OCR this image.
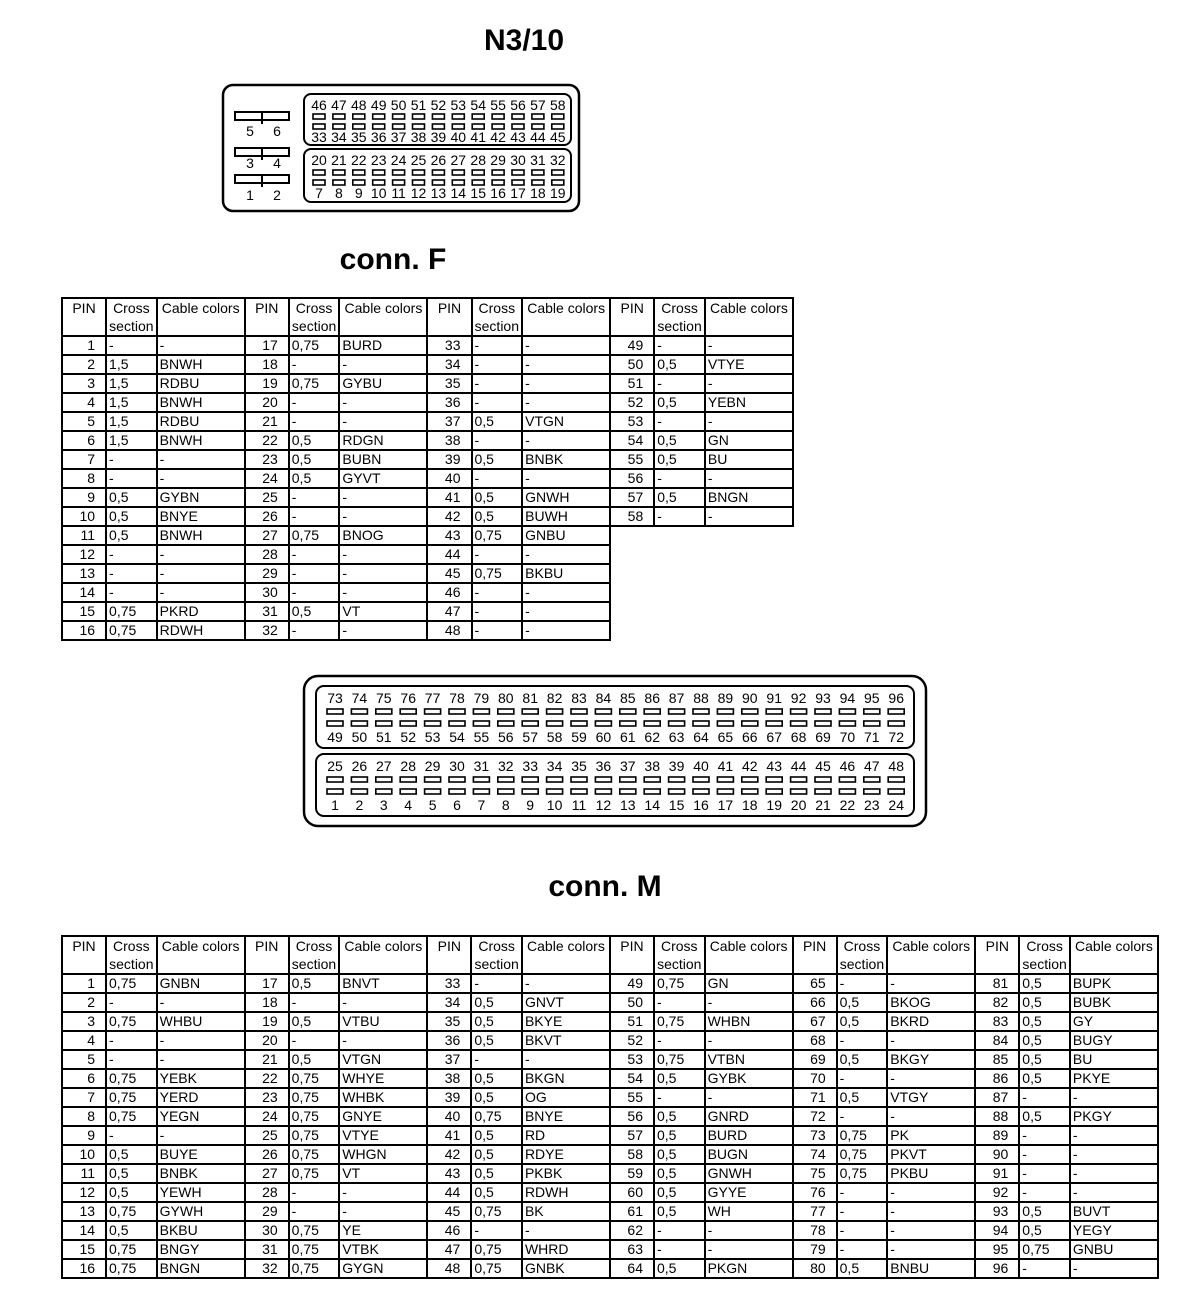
N3/10
46 47 48 49 50 51 52 53 54 55 56 57 58
33 34 35 36 37 38 39 40 41 42 43 44 45
20 21 22 23 24 25 26 27 28 29 30 31 32
7 8 9 10 11 12 13 14 15 16 17 18 19
5 6
3 4
1 2
conn. F
PIN	Cross section	Cable colors	PIN	Cross section	Cable colors	PIN	Cross section	Cable colors	PIN	Cross section	Cable colors
1	-	-	17	0,75	BURD	33	-	-	49	-	-
2	1,5	BNWH	18	-	-	34	-	-	50	0,5	VTYE
3	1,5	RDBU	19	0,75	GYBU	35	-	-	51	-	-
4	1,5	BNWH	20	-	-	36	-	-	52	0,5	YEBN
5	1,5	RDBU	21	-	-	37	0,5	VTGN	53	-	-
6	1,5	BNWH	22	0,5	RDGN	38	-	-	54	0,5	GN
7	-	-	23	0,5	BUBN	39	0,5	BNBK	55	0,5	BU
8	-	-	24	0,5	GYVT	40	-	-	56	-	-
9	0,5	GYBN	25	-	-	41	0,5	GNWH	57	0,5	BNGN
10	0,5	BNYE	26	-	-	42	0,5	BUWH	58	-	-
11	0,5	BNWH	27	0,75	BNOG	43	0,75	GNBU			
12	-	-	28	-	-	44	-	-			
13	-	-	29	-	-	45	0,75	BKBU			
14	-	-	30	-	-	46	-	-			
15	0,75	PKRD	31	0,5	VT	47	-	-			
16	0,75	RDWH	32	-	-	48	-	-			
73 74 75 76 77 78 79 80 81 82 83 84 85 86 87 88 89 90 91 92 93 94 95 96
49 50 51 52 53 54 55 56 57 58 59 60 61 62 63 64 65 66 67 68 69 70 71 72
25 26 27 28 29 30 31 32 33 34 35 36 37 38 39 40 41 42 43 44 45 46 47 48
1 2 3 4 5 6 7 8 9 10 11 12 13 14 15 16 17 18 19 20 21 22 23 24
conn. M
PIN	Cross section	Cable colors	PIN	Cross section	Cable colors	PIN	Cross section	Cable colors	PIN	Cross section	Cable colors	PIN	Cross section	Cable colors	PIN	Cross section	Cable colors
1	0,75	GNBN	17	0,5	BNVT	33	-	-	49	0,75	GN	65	-	-	81	0,5	BUPK
2	-	-	18	-	-	34	0,5	GNVT	50	-	-	66	0,5	BKOG	82	0,5	BUBK
3	0,75	WHBU	19	0,5	VTBU	35	0,5	BKYE	51	0,75	WHBN	67	0,5	BKRD	83	0,5	GY
4	-	-	20	-	-	36	0,5	BKVT	52	-	-	68	-	-	84	0,5	BUGY
5	-	-	21	0,5	VTGN	37	-	-	53	0,75	VTBN	69	0,5	BKGY	85	0,5	BU
6	0,75	YEBK	22	0,75	WHYE	38	0,5	BKGN	54	0,5	GYBK	70	-	-	86	0,5	PKYE
7	0,75	YERD	23	0,75	WHBK	39	0,5	OG	55	-	-	71	0,5	VTGY	87	-	-
8	0,75	YEGN	24	0,75	GNYE	40	0,75	BNYE	56	0,5	GNRD	72	-	-	88	0,5	PKGY
9	-	-	25	0,75	VTYE	41	0,5	RD	57	0,5	BURD	73	0,75	PK	89	-	-
10	0,5	BUYE	26	0,75	WHGN	42	0,5	RDYE	58	0,5	BUGN	74	0,75	PKVT	90	-	-
11	0,5	BNBK	27	0,75	VT	43	0,5	PKBK	59	0,5	GNWH	75	0,75	PKBU	91	-	-
12	0,5	YEWH	28	-	-	44	0,5	RDWH	60	0,5	GYYE	76	-	-	92	-	-
13	0,75	GYWH	29	-	-	45	0,75	BK	61	0,5	WH	77	-	-	93	0,5	BUVT
14	0,5	BKBU	30	0,75	YE	46	-	-	62	-	-	78	-	-	94	0,5	YEGY
15	0,75	BNGY	31	0,75	VTBK	47	0,75	WHRD	63	-	-	79	-	-	95	0,75	GNBU
16	0,75	BNGN	32	0,75	GYGN	48	0,75	GNBK	64	0,5	PKGN	80	0,5	BNBU	96	-	-
